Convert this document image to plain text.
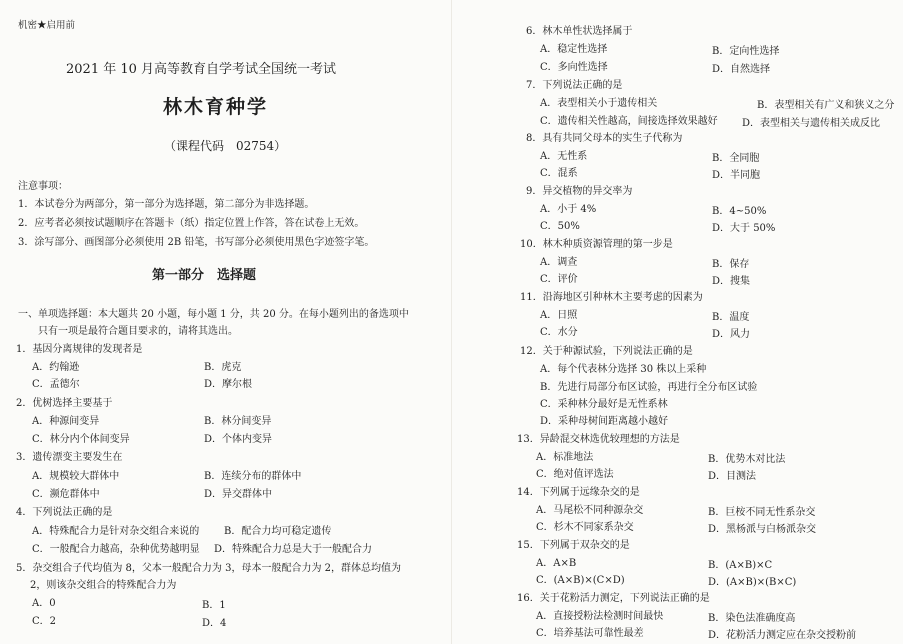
机密★启用前
2021 年 10 月高等教育自学考试全国统一考试
林木育种学
（课程代码　02754）
注意事项：
1．本试卷分为两部分，第一部分为选择题，第二部分为非选择题。
2．应考者必须按试题顺序在答题卡（纸）指定位置上作答，答在试卷上无效。
3．涂写部分、画图部分必须使用 2B 铅笔，书写部分必须使用黑色字迹签字笔。
第一部分　选择题
一、单项选择题：本大题共 20 小题，每小题 1 分，共 20 分。在每小题列出的备选项中
只有一项是最符合题目要求的，请将其选出。
1．基因分离规律的发现者是
A．约翰逊	B．虎克
C．孟德尔	D．摩尔根
2．优树选择主要基于
A．种源间变异	B．林分间变异
C．林分内个体间变异	D．个体内变异
3．遗传漂变主要发生在
A．规模较大群体中	B．连续分布的群体中
C．濒危群体中	D．异交群体中
4．下列说法正确的是
A．特殊配合力是针对杂交组合来说的 B．配合力均可稳定遗传
C．一般配合力越高，杂种优势越明显 D．特殊配合力总是大于一般配合力
5．杂交组合子代均值为 8，父本一般配合力为 3，母本一般配合力为 2，群体总均值为
2，则该杂交组合的特殊配合力为
A．0	B．1
C．2	D．4
6．林木单性状选择属于
A．稳定性选择	B．定向性选择
C．多向性选择	D．自然选择
7．下列说法正确的是
A．表型相关小于遗传相关	B．表型相关有广义和狭义之分
C．遗传相关性越高，间接选择效果越好 D．表型相关与遗传相关成反比
8．具有共同父母本的实生子代称为
A．无性系	B．全同胞
C．混系	D．半同胞
9．异交植物的异交率为
A．小于 4%	B．4~50%
C．50%	D．大于 50%
10．林木种质资源管理的第一步是
A．调查	B．保存
C．评价	D．搜集
11．沿海地区引种林木主要考虑的因素为
A．日照	B．温度
C．水分	D．风力
12．关于种源试验，下列说法正确的是
A．每个代表林分选择 30 株以上采种
B．先进行局部分布区试验，再进行全分布区试验
C．采种林分最好是无性系林
D．采种母树间距离越小越好
13．异龄混交林选优较理想的方法是
A．标准地法	B．优势木对比法
C．绝对值评选法	D．目测法
14．下列属于远缘杂交的是
A．马尾松不同种源杂交	B．巨桉不同无性系杂交
C．杉木不同家系杂交	D．黑杨派与白杨派杂交
15．下列属于双杂交的是
A．A×B	B．(A×B)×C
C．(A×B)×(C×D)	D．(A×B)×(B×C)
16．关于花粉活力测定，下列说法正确的是
A．直接授粉法检测时间最快	B．染色法准确度高
C．培养基法可靠性最差	D．花粉活力测定应在杂交授粉前
